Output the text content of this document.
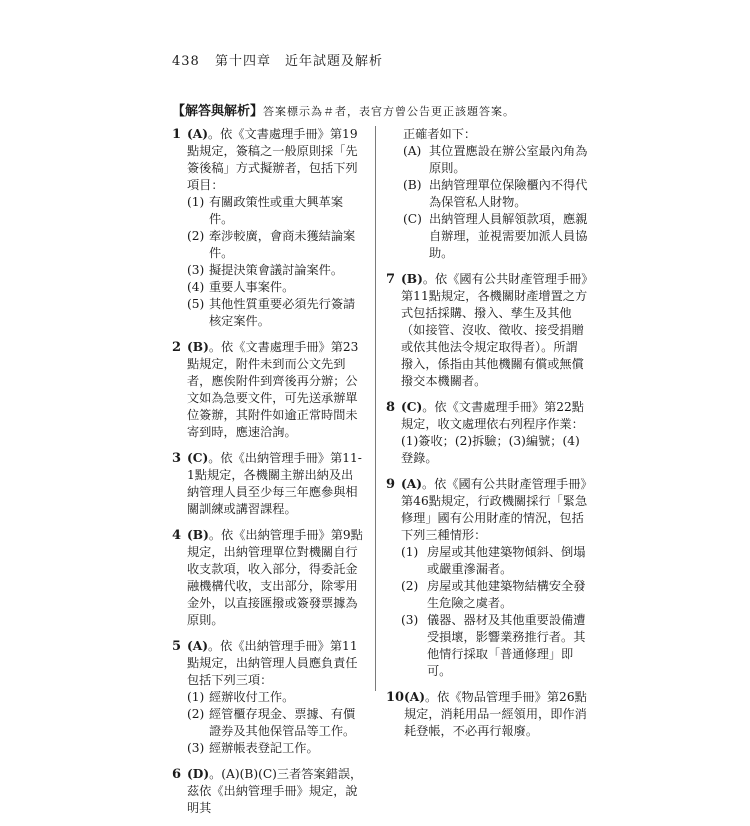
438 第十四章　近年試題及解析
【解答與解析】答案標示為＃者，表官方曾公告更正該題答案。
1 (A)。依《文書處理手冊》第19點規定，簽稿之一般原則採「先簽後稿」方式擬辦者，包括下列項目：
(1) 有關政策性或重大興革案件。
(2) 牽涉較廣，會商未獲結論案件。
(3) 擬提決策會議討論案件。
(4) 重要人事案件。
(5) 其他性質重要必須先行簽請核定案件。
2 (B)。依《文書處理手冊》第23點規定，附件未到而公文先到者，應俟附件到齊後再分辦；公文如為急要文件，可先送承辦單位簽辦，其附件如逾正常時間未寄到時，應速洽詢。
3 (C)。依《出納管理手冊》第11-1點規定，各機關主辦出納及出納管理人員至少每三年應參與相關訓練或講習課程。
4 (B)。依《出納管理手冊》第9點規定，出納管理單位對機關自行收支款項，收入部分，得委託金融機構代收，支出部分，除零用金外，以直接匯撥或簽發票據為原則。
5 (A)。依《出納管理手冊》第11點規定，出納管理人員應負責任包括下列三項：
(1) 經辦收付工作。
(2) 經管櫃存現金、票據、有價證券及其他保管品等工作。
(3) 經辦帳表登記工作。
6 (D)。(A)(B)(C)三者答案錯誤，茲依《出納管理手冊》規定，說明其
正確者如下：
(A) 其位置應設在辦公室最內角為原則。
(B) 出納管理單位保險櫃內不得代為保管私人財物。
(C) 出納管理人員解領款項，應親自辦理，並視需要加派人員協助。
7 (B)。依《國有公共財產管理手冊》第11點規定，各機關財產增置之方式包括採購、撥入、孳生及其他（如接管、沒收、徵收、接受捐贈或依其他法令規定取得者）。所謂撥入，係指由其他機關有償或無償撥交本機關者。
8 (C)。依《文書處理手冊》第22點規定，收文處理依右列程序作業：(1)簽收；(2)拆驗；(3)編號；(4)登錄。
9 (A)。依《國有公共財產管理手冊》第46點規定，行政機關採行「緊急修理」國有公用財產的情況，包括下列三種情形：
(1) 房屋或其他建築物傾斜、倒塌或嚴重滲漏者。
(2) 房屋或其他建築物結構安全發生危險之虞者。
(3) 儀器、器材及其他重要設備遭受損壞，影響業務推行者。其他情行採取「普通修理」即可。
10 (A)。依《物品管理手冊》第26點規定，消耗用品一經領用，即作消耗登帳，不必再行報廢。
